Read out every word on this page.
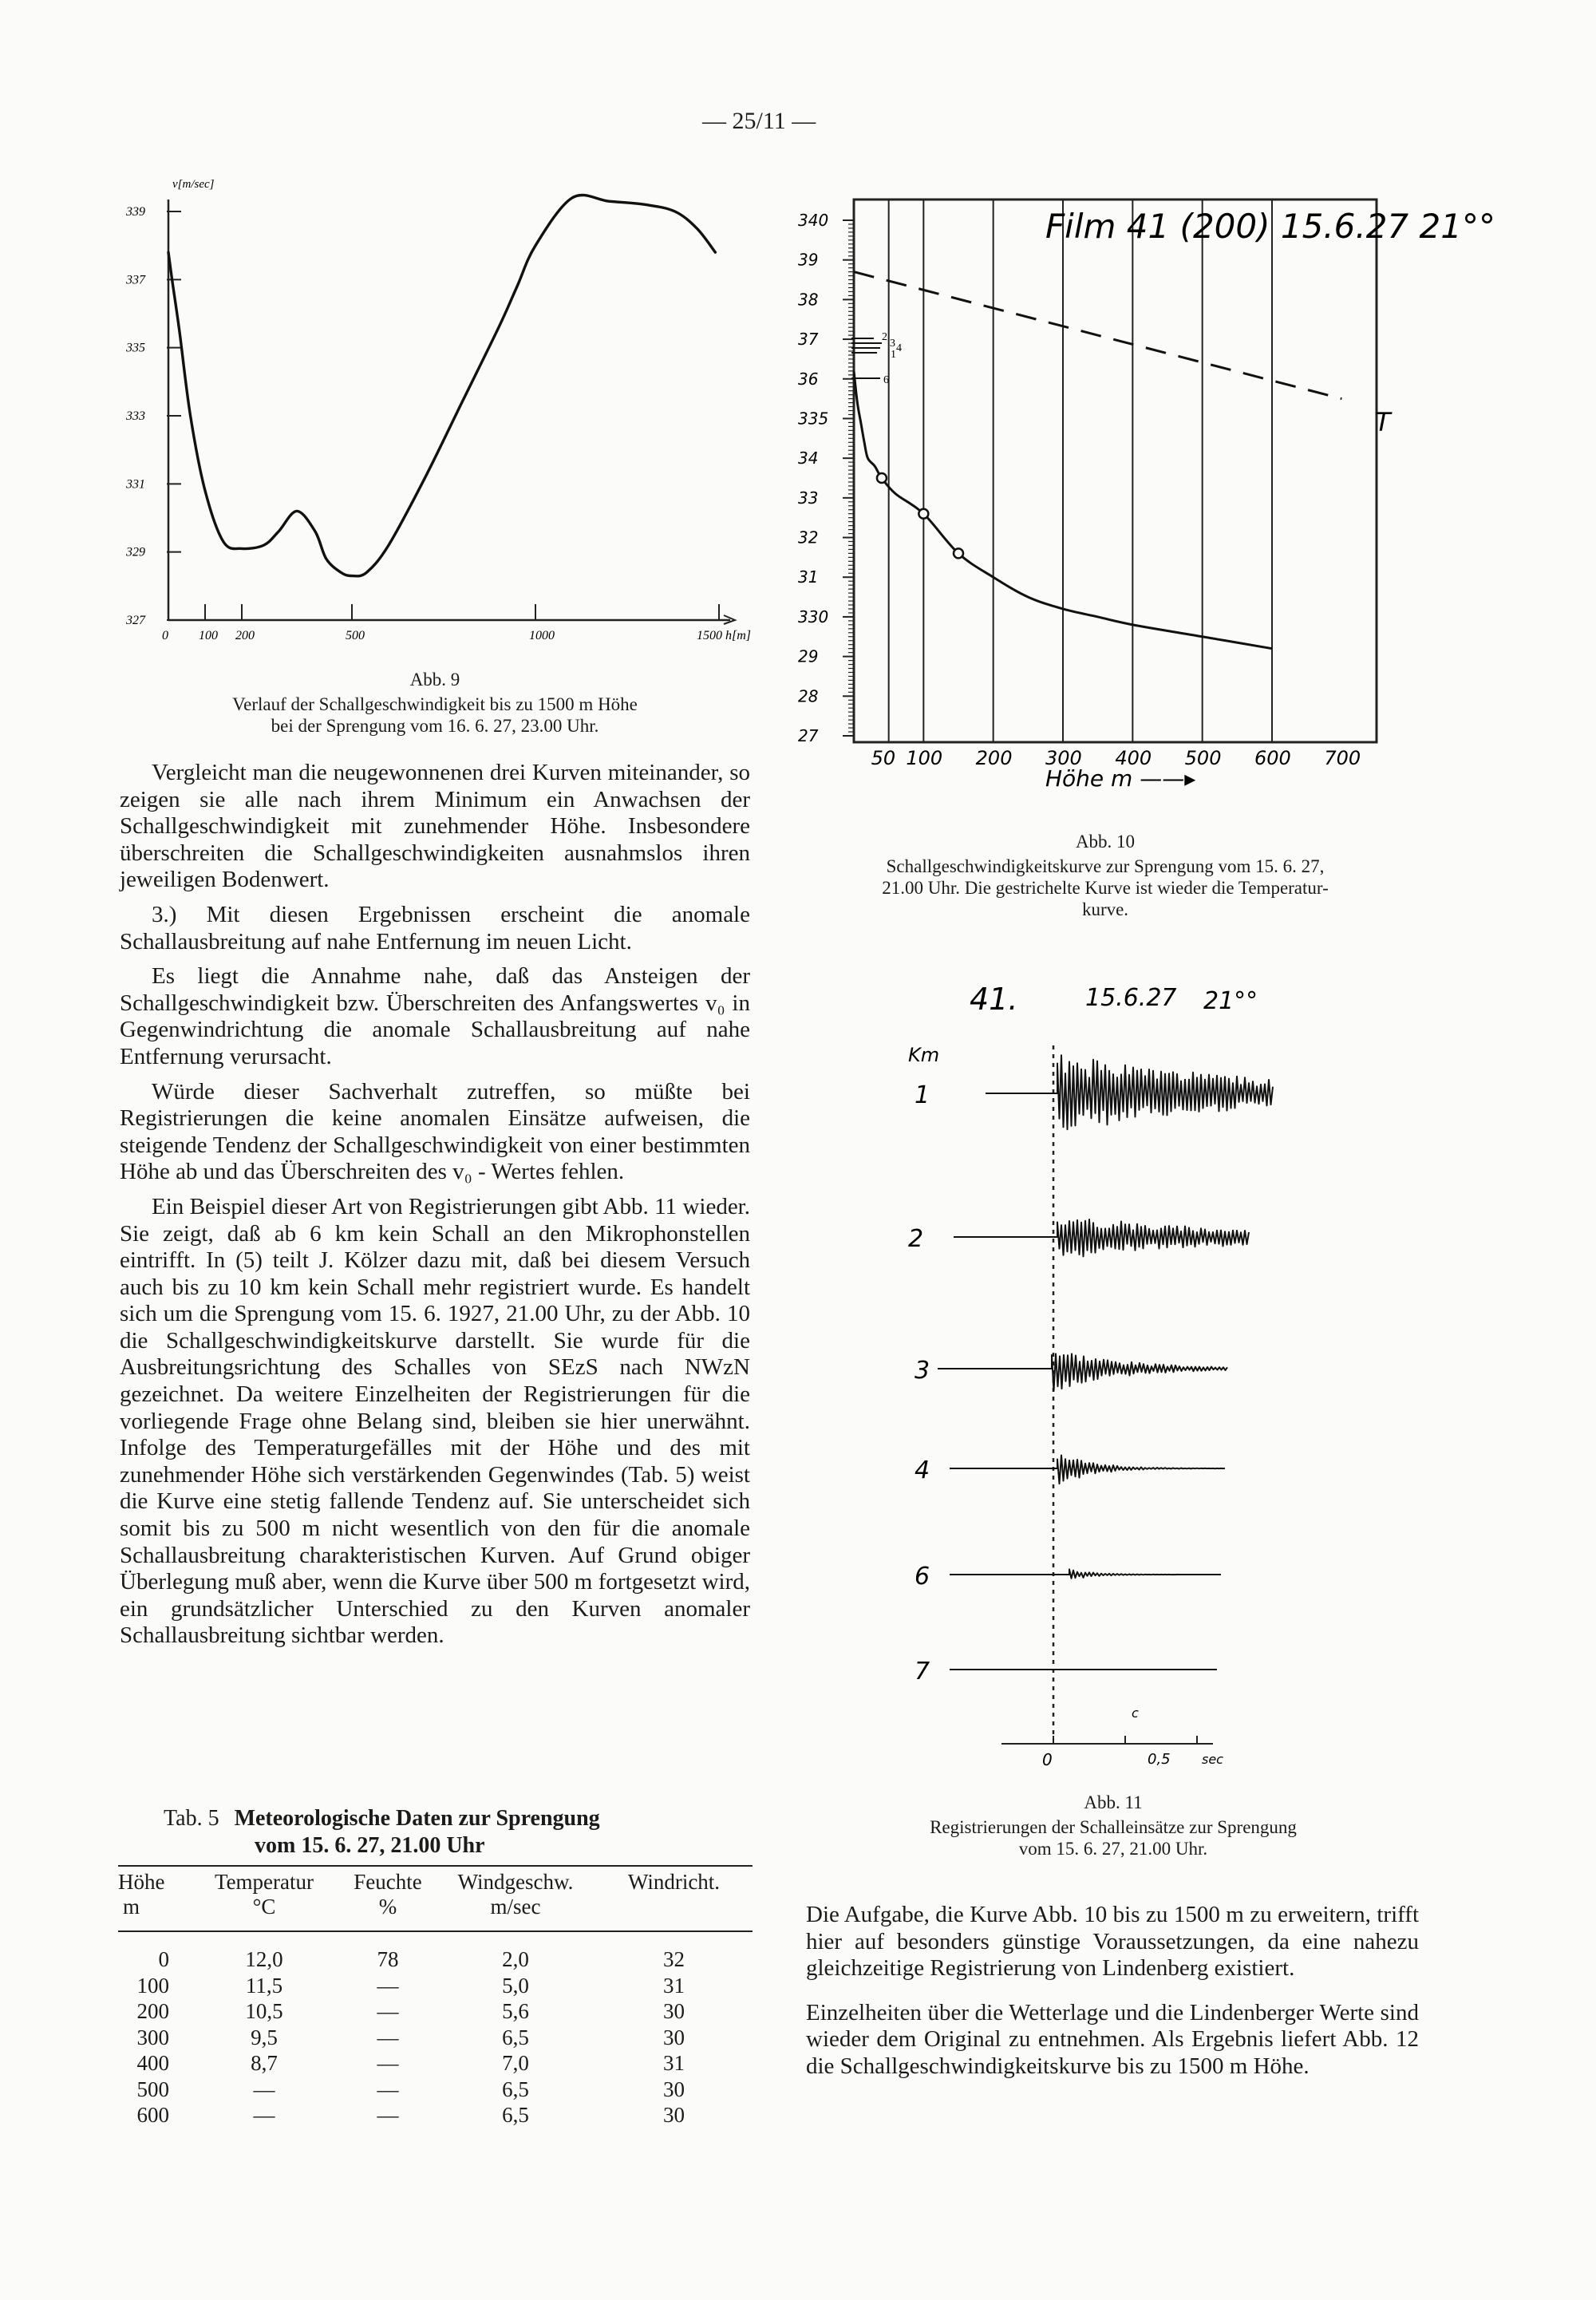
— 25/11 —
v[m/sec]
339
337
335
333
331
329
327
0 100 200	500	1000	1500 h[m]
Abb. 9
Verlauf der Schallgeschwindigkeit bis zu 1500 m Höhe
bei der Sprengung vom 16. 6. 27, 23.00 Uhr.

Vergleicht man die neugewonnenen drei Kurven miteinander, so zeigen sie alle nach ihrem Minimum ein Anwachsen der Schallgeschwindigkeit mit zunehmender Höhe. Insbesondere überschreiten die Schallgeschwindigkeiten ausnahmslos ihren jeweiligen Bodenwert.

3.) Mit diesen Ergebnissen erscheint die anomale Schallausbreitung auf nahe Entfernung im neuen Licht.

Es liegt die Annahme nahe, daß das Ansteigen der Schallgeschwindigkeit bzw. Überschreiten des Anfangswertes v₀ in Gegenwindrichtung die anomale Schallausbreitung auf nahe Entfernung verursacht.

Würde dieser Sachverhalt zutreffen, so müßte bei Registrierungen die keine anomalen Einsätze aufweisen, die steigende Tendenz der Schallgeschwindigkeit von einer bestimmten Höhe ab und das Überschreiten des v₀ - Wertes fehlen.

Ein Beispiel dieser Art von Registrierungen gibt Abb. 11 wieder. Sie zeigt, daß ab 6 km kein Schall an den Mikrophonstellen eintrifft. In (5) teilt J. Kölzer dazu mit, daß bei diesem Versuch auch bis zu 10 km kein Schall mehr registriert wurde. Es handelt sich um die Sprengung vom 15. 6. 1927, 21.00 Uhr, zu der Abb. 10 die Schallgeschwindigkeitskurve darstellt. Sie wurde für die Ausbreitungsrichtung des Schalles von SEzS nach NWzN gezeichnet. Da weitere Einzelheiten der Registrierungen für die vorliegende Frage ohne Belang sind, bleiben sie hier unerwähnt. Infolge des Temperaturgefälles mit der Höhe und des mit zunehmender Höhe sich verstärkenden Gegenwindes (Tab. 5) weist die Kurve eine stetig fallende Tendenz auf. Sie unterscheidet sich somit bis zu 500 m nicht wesentlich von den für die anomale Schallausbreitung charakteristischen Kurven. Auf Grund obiger Überlegung muß aber, wenn die Kurve über 500 m fortgesetzt wird, ein grundsätzlicher Unterschied zu den Kurven anomaler Schallausbreitung sichtbar werden.

Tab. 5 Meteorologische Daten zur Sprengung
vom 15. 6. 27, 21.00 Uhr
Höhe	Temperatur	Feuchte	Windgeschw.	Windricht.
m	°C	%	m/sec	
0	12,0	78	2,0	32
100	11,5	—	5,0	31
200	10,5	—	5,6	30
300	9,5	—	6,5	30
400	8,7	—	7,0	31
500	—	—	6,5	30
600	—	—	6,5	30
340
39
38
37
36
335
34
33
32
31
330
29
28
27
50 100 200 300 400 500 600 700
T
2
3 4
1
6
Film 41 (200) 15.6.27 21°°
Höhe m ——▸
Abb. 10
Schallgeschwindigkeitskurve zur Sprengung vom 15. 6. 27,
21.00 Uhr. Die gestrichelte Kurve ist wieder die Temperatur-
kurve.
41.	15.6.27 21°°
Km
1
2
3
4
6
7
c
0	0,5 sec
Abb. 11
Registrierungen der Schalleinsätze zur Sprengung
vom 15. 6. 27, 21.00 Uhr.

Die Aufgabe, die Kurve Abb. 10 bis zu 1500 m zu erweitern, trifft hier auf besonders günstige Voraussetzungen, da eine nahezu gleichzeitige Registrierung von Lindenberg existiert.

Einzelheiten über die Wetterlage und die Lindenberger Werte sind wieder dem Original zu entnehmen. Als Ergebnis liefert Abb. 12 die Schallgeschwindigkeitskurve bis zu 1500 m Höhe.
